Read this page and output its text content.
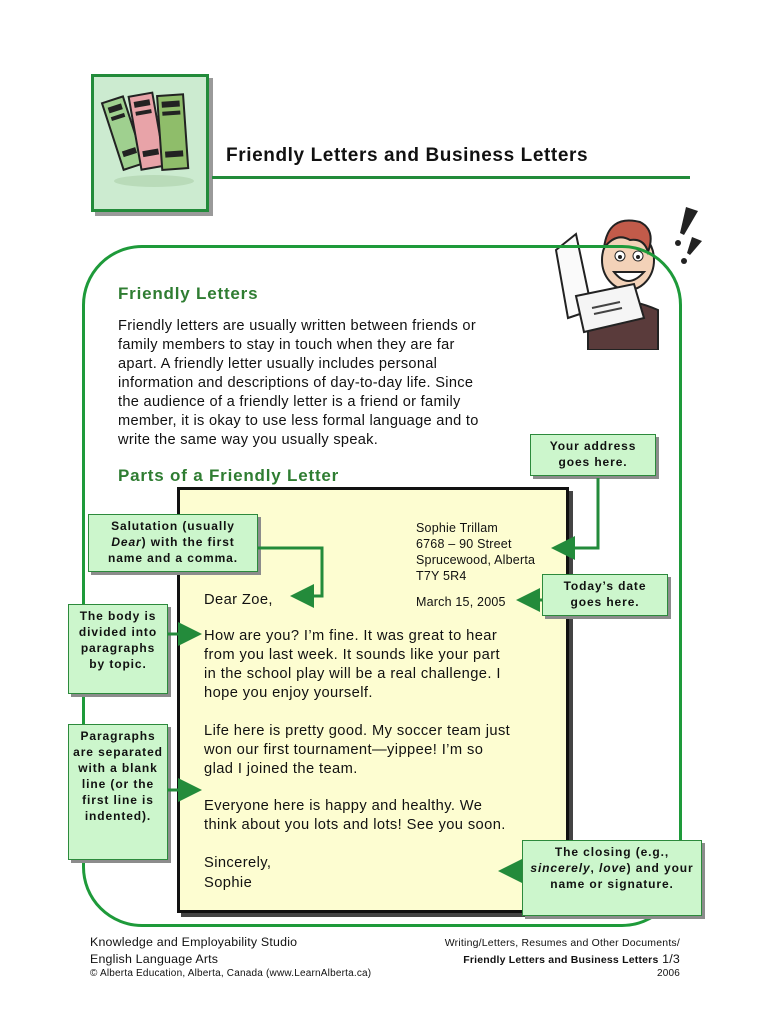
Friendly Letters and Business Letters
Friendly Letters
Friendly letters are usually written between friends or
family members to stay in touch when they are far
apart. A friendly letter usually includes personal
information and descriptions of day-to-day life. Since
the audience of a friendly letter is a friend or family
member, it is okay to use less formal language and to
write the same way you usually speak.
Parts of a Friendly Letter
Sophie Trillam
6768 – 90 Street
Sprucewood, Alberta
T7Y 5R4
March 15, 2005
Dear Zoe,
How are you? I’m fine. It was great to hear
from you last week. It sounds like your part
in the school play will be a real challenge. I
hope you enjoy yourself.
Life here is pretty good. My soccer team just
won our first tournament—yippee! I’m so
glad I joined the team.
Everyone here is happy and healthy. We
think about you lots and lots! See you soon.
Sincerely,
Sophie
Your address goes here.
Salutation (usually Dear) with the first name and a comma.
Today’s date goes here.
The body is divided into paragraphs by topic.
Paragraphs are separated with a blank line (or the first line is indented).
The closing (e.g., sincerely, love) and your name or signature.
Knowledge and Employability Studio
English Language Arts
© Alberta Education, Alberta, Canada (www.LearnAlberta.ca)
Writing/Letters, Resumes and Other Documents/
Friendly Letters and Business Letters 1/3
2006
